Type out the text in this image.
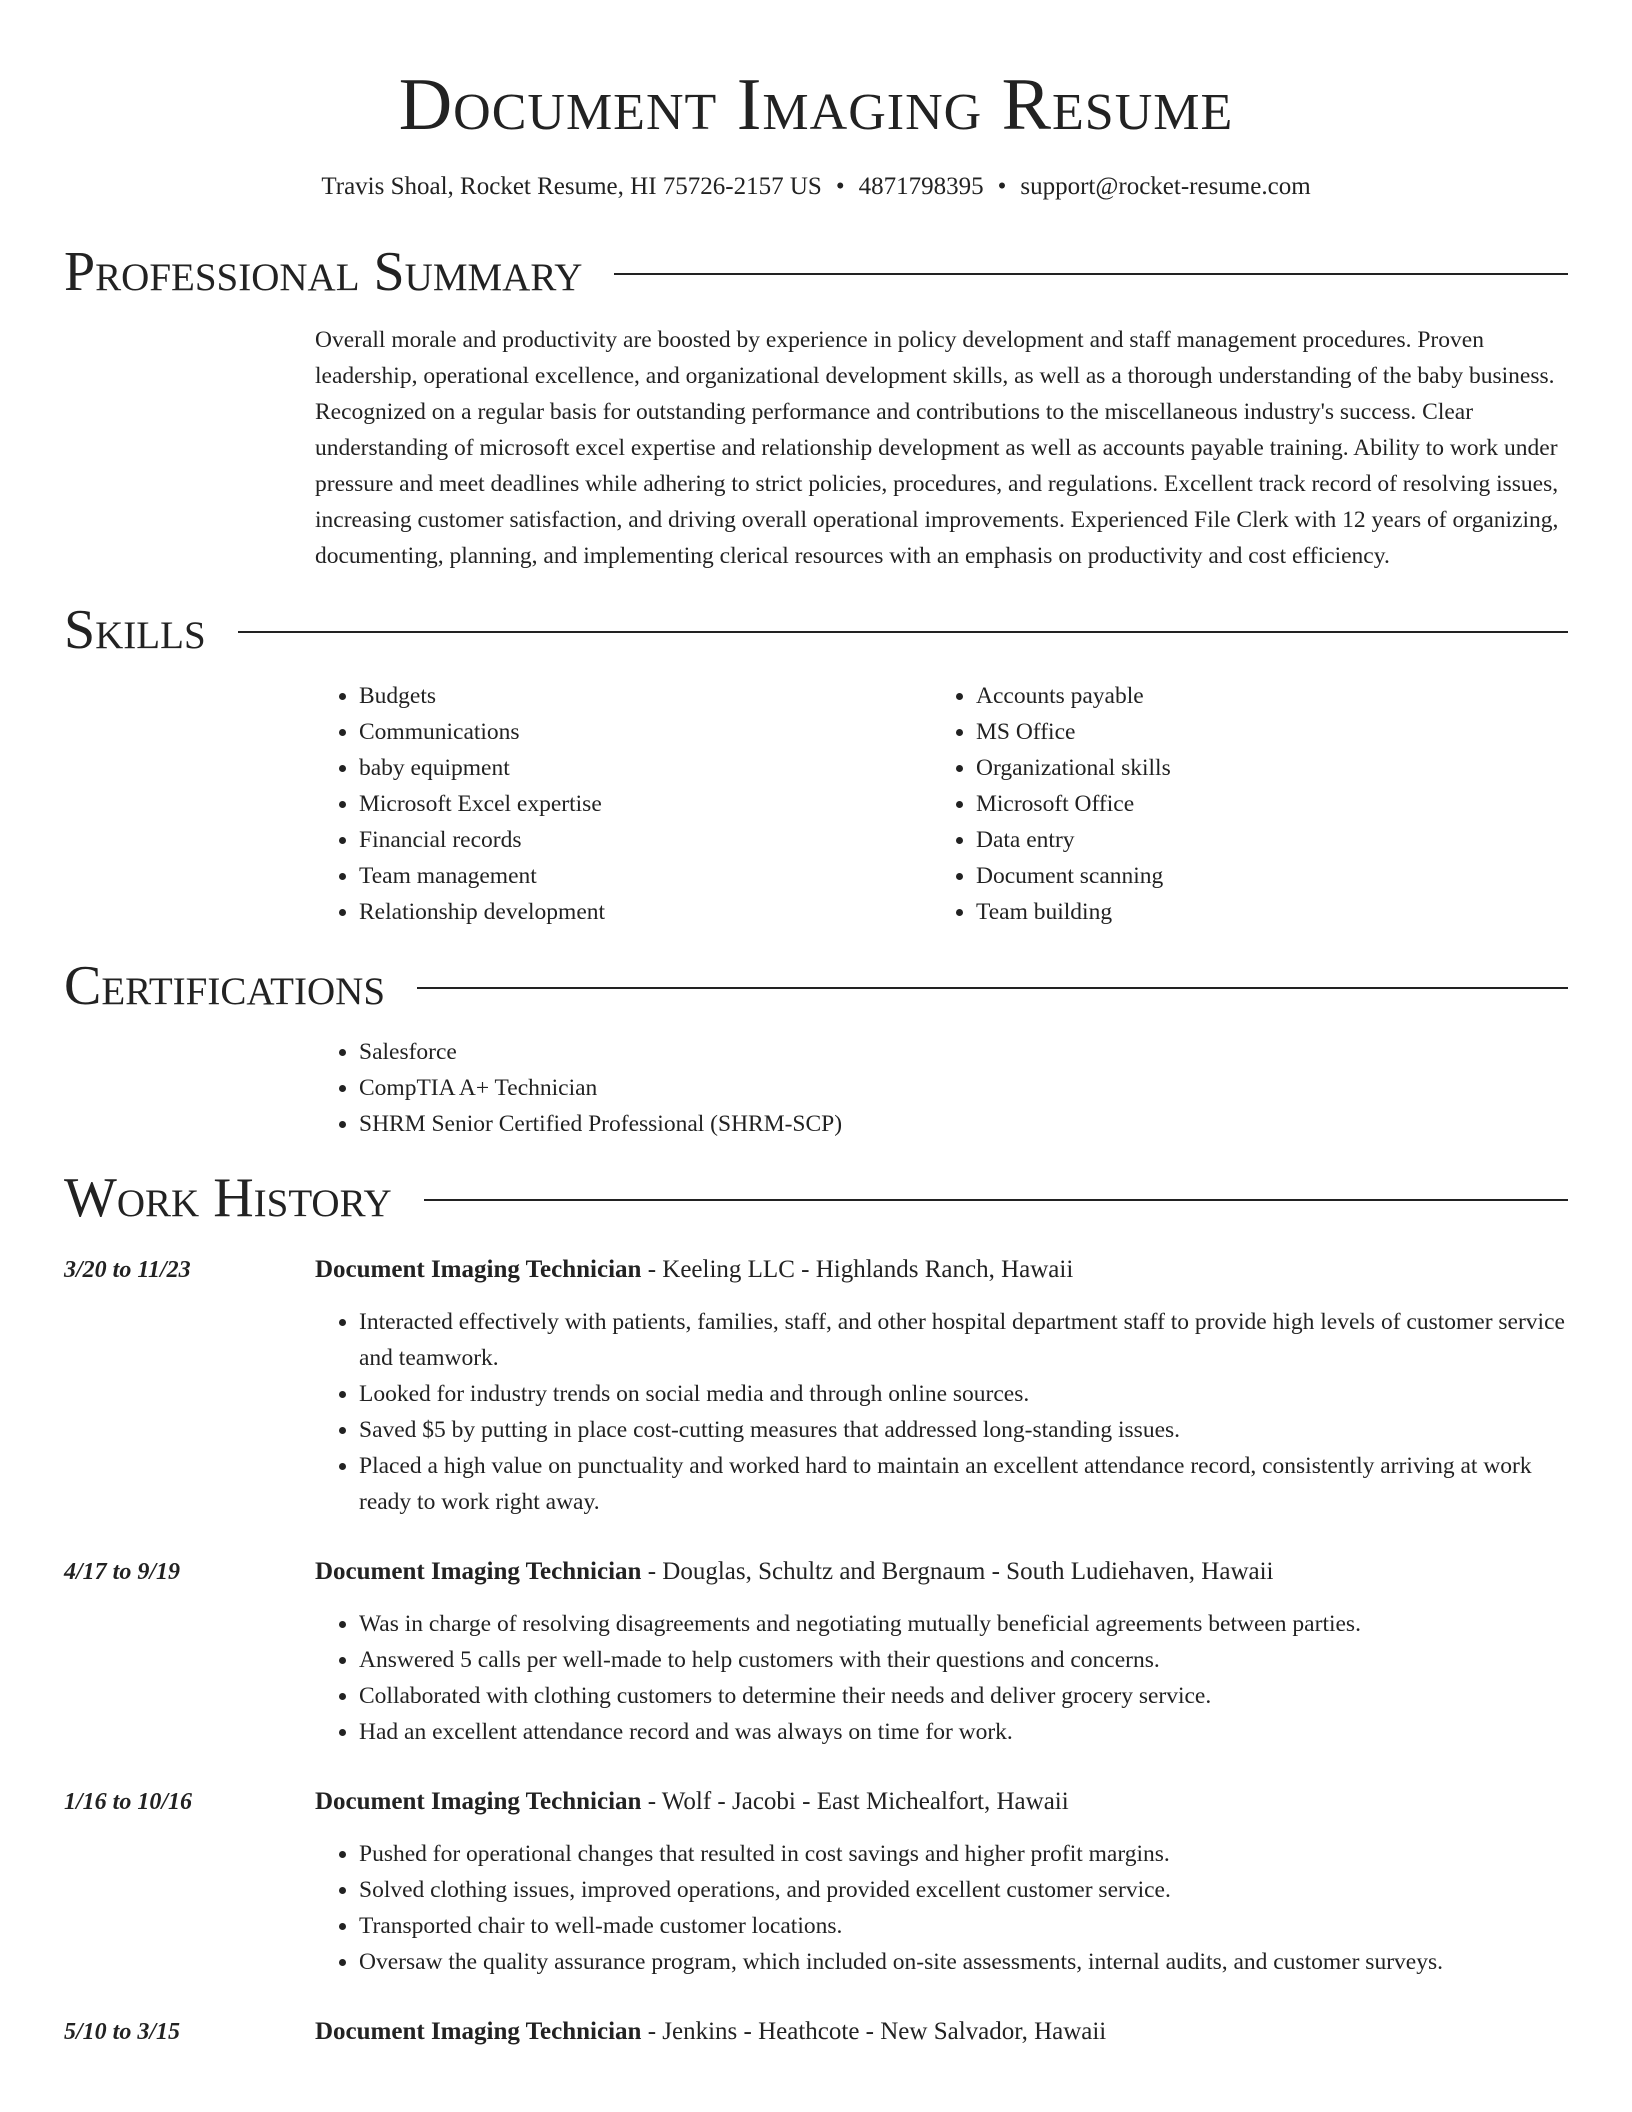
Document Imaging Resume
Travis Shoal, Rocket Resume, HI 75726-2157 US • 4871798395 • support@rocket-resume.com
Professional Summary

Overall morale and productivity are boosted by experience in policy development and staff management procedures. Proven leadership, operational excellence, and organizational development skills, as well as a thorough understanding of the baby business. Recognized on a regular basis for outstanding performance and contributions to the miscellaneous industry's success. Clear understanding of microsoft excel expertise and relationship development as well as accounts payable training. Ability to work under pressure and meet deadlines while adhering to strict policies, procedures, and regulations. Excellent track record of resolving issues, increasing customer satisfaction, and driving overall operational improvements. Experienced File Clerk with 12 years of organizing, documenting, planning, and implementing clerical resources with an emphasis on productivity and cost efficiency.

Skills
• Budgets
• Communications
• baby equipment
• Microsoft Excel expertise
• Financial records
• Team management
• Relationship development
• Accounts payable
• MS Office
• Organizational skills
• Microsoft Office
• Data entry
• Document scanning
• Team building
Certifications
• Salesforce
• CompTIA A+ Technician
• SHRM Senior Certified Professional (SHRM-SCP)
Work History
3/20 to 11/23	Document Imaging Technician - Keeling LLC - Highlands Ranch, Hawaii
• Interacted effectively with patients, families, staff, and other hospital department staff to provide high levels of customer service and teamwork.
• Looked for industry trends on social media and through online sources.
• Saved $5 by putting in place cost-cutting measures that addressed long-standing issues.
• Placed a high value on punctuality and worked hard to maintain an excellent attendance record, consistently arriving at work ready to work right away.
4/17 to 9/19	Document Imaging Technician - Douglas, Schultz and Bergnaum - South Ludiehaven, Hawaii
• Was in charge of resolving disagreements and negotiating mutually beneficial agreements between parties.
• Answered 5 calls per well-made to help customers with their questions and concerns.
• Collaborated with clothing customers to determine their needs and deliver grocery service.
• Had an excellent attendance record and was always on time for work.
1/16 to 10/16	Document Imaging Technician - Wolf - Jacobi - East Michealfort, Hawaii
• Pushed for operational changes that resulted in cost savings and higher profit margins.
• Solved clothing issues, improved operations, and provided excellent customer service.
• Transported chair to well-made customer locations.
• Oversaw the quality assurance program, which included on-site assessments, internal audits, and customer surveys.
5/10 to 3/15	Document Imaging Technician - Jenkins - Heathcote - New Salvador, Hawaii
